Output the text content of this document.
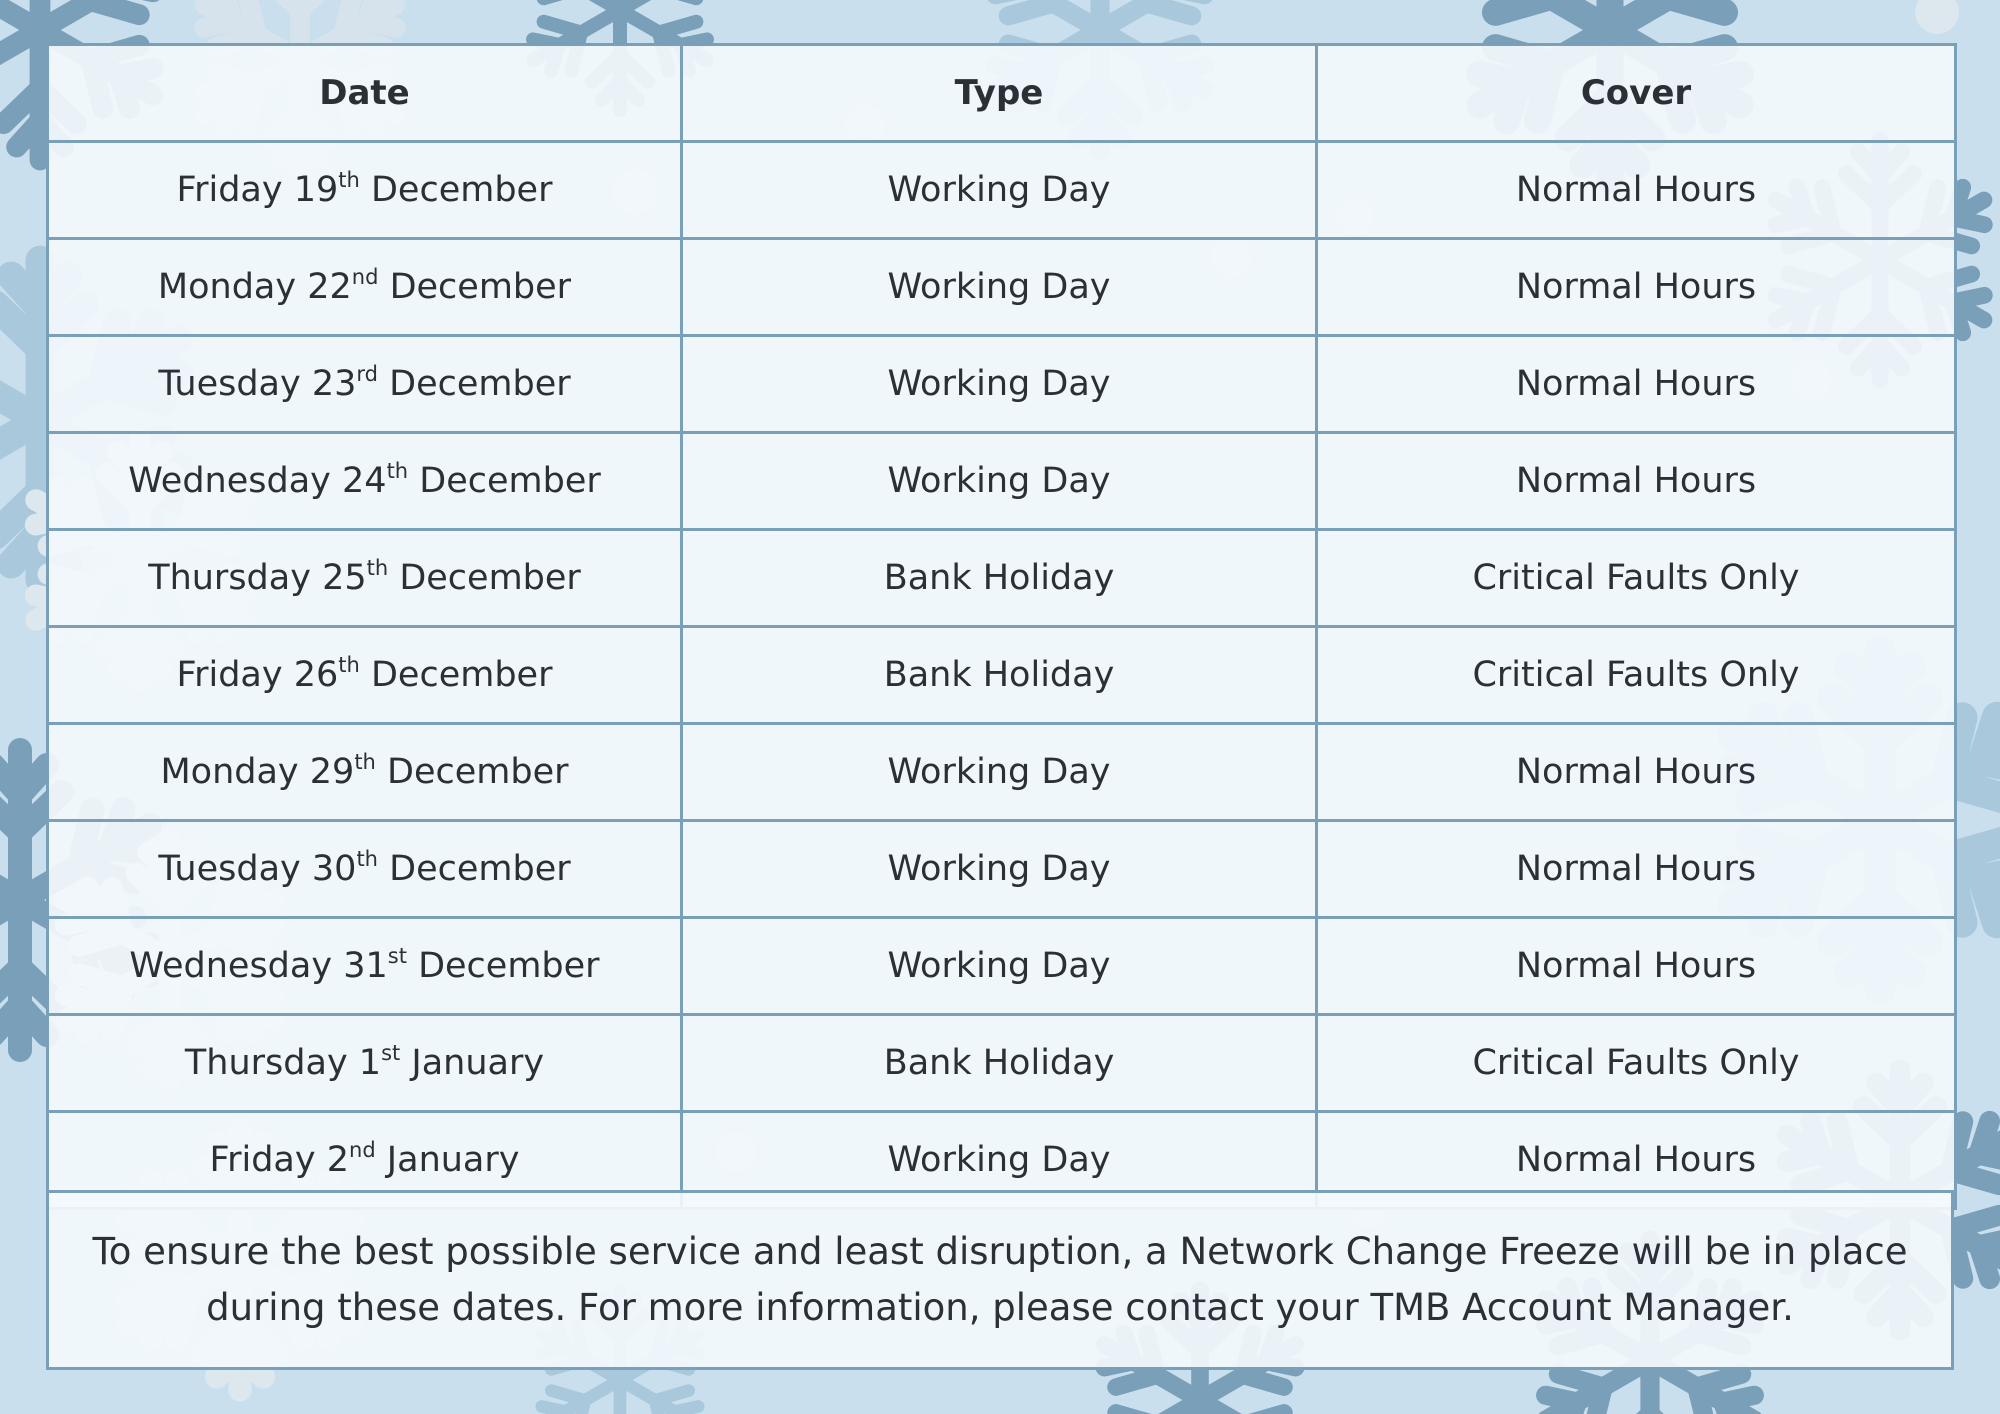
Date	Type	Cover
Friday 19th December	Working Day	Normal Hours
Monday 22nd December	Working Day	Normal Hours
Tuesday 23rd December	Working Day	Normal Hours
Wednesday 24th December	Working Day	Normal Hours
Thursday 25th December	Bank Holiday	Critical Faults Only
Friday 26th December	Bank Holiday	Critical Faults Only
Monday 29th December	Working Day	Normal Hours
Tuesday 30th December	Working Day	Normal Hours
Wednesday 31st December	Working Day	Normal Hours
Thursday 1st January	Bank Holiday	Critical Faults Only
Friday 2nd January	Working Day	Normal Hours

To ensure the best possible service and least disruption, a Network Change Freeze will be in place during these dates. For more information, please contact your TMB Account Manager.
